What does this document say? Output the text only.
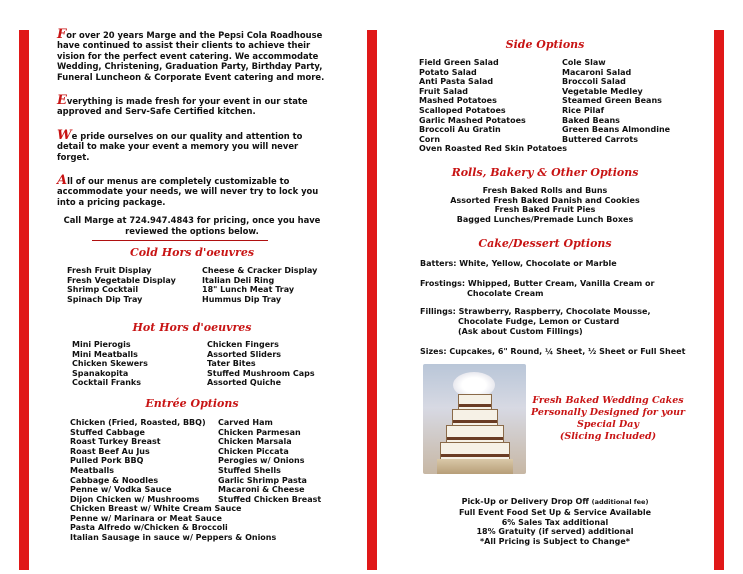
For over 20 years Marge and the Pepsi Cola Roadhouse have continued to assist their clients to achieve their vision for the perfect event catering. We accommodate Wedding, Christening, Graduation Party, Birthday Party, Funeral Luncheon & Corporate Event catering and more.

Everything is made fresh for your event in our state approved and Serv-Safe Certified kitchen.

We pride ourselves on our quality and attention to detail to make your event a memory you will never forget.

All of our menus are completely customizable to accommodate your needs, we will never try to lock you into a pricing package.

Call Marge at 724.947.4843 for pricing, once you have
reviewed the options below.
Cold Hors d'oeuvres
Fresh Fruit Display
Fresh Vegetable Display
Shrimp Cocktail
Spinach Dip Tray
Cheese & Cracker Display
Italian Deli Ring
18" Lunch Meat Tray
Hummus Dip Tray
Hot Hors d'oeuvres
Mini Pierogis
Mini Meatballs
Chicken Skewers
Spanakopita
Cocktail Franks
Chicken Fingers
Assorted Sliders
Tater Bites
Stuffed Mushroom Caps
Assorted Quiche
Entrée Options
Chicken (Fried, Roasted, BBQ)
Stuffed Cabbage
Roast Turkey Breast
Roast Beef Au Jus
Pulled Pork BBQ
Meatballs
Cabbage & Noodles
Penne w/ Vodka Sauce
Dijon Chicken w/ Mushrooms
Carved Ham
Chicken Parmesan
Chicken Marsala
Chicken Piccata
Perogies w/ Onions
Stuffed Shells
Garlic Shrimp Pasta
Macaroni & Cheese
Stuffed Chicken Breast
Chicken Breast w/ White Cream Sauce
Penne w/ Marinara or Meat Sauce
Pasta Alfredo w/Chicken & Broccoli
Italian Sausage in sauce w/ Peppers & Onions
Side Options
Field Green Salad
Potato Salad
Anti Pasta Salad
Fruit Salad
Mashed Potatoes
Scalloped Potatoes
Garlic Mashed Potatoes
Broccoli Au Gratin
Corn
Cole Slaw
Macaroni Salad
Broccoli Salad
Vegetable Medley
Steamed Green Beans
Rice Pilaf
Baked Beans
Green Beans Almondine
Buttered Carrots
Oven Roasted Red Skin Potatoes
Rolls, Bakery & Other Options
Fresh Baked Rolls and Buns
Assorted Fresh Baked Danish and Cookies
Fresh Baked Fruit Pies
Bagged Lunches/Premade Lunch Boxes
Cake/Dessert Options
Batters: White, Yellow, Chocolate or Marble
Frostings: Whipped, Butter Cream, Vanilla Cream or
Chocolate Cream
Fillings: Strawberry, Raspberry, Chocolate Mousse,
Chocolate Fudge, Lemon or Custard
(Ask about Custom Fillings)
Sizes: Cupcakes, 6" Round, ¼ Sheet, ½ Sheet or Full Sheet
Fresh Baked Wedding Cakes
Personally Designed for your
Special Day
(Slicing Included)
Pick-Up or Delivery Drop Off (additional fee)
Full Event Food Set Up & Service Available
6% Sales Tax additional
18% Gratuity (if served) additional
*All Pricing is Subject to Change*
menupix
